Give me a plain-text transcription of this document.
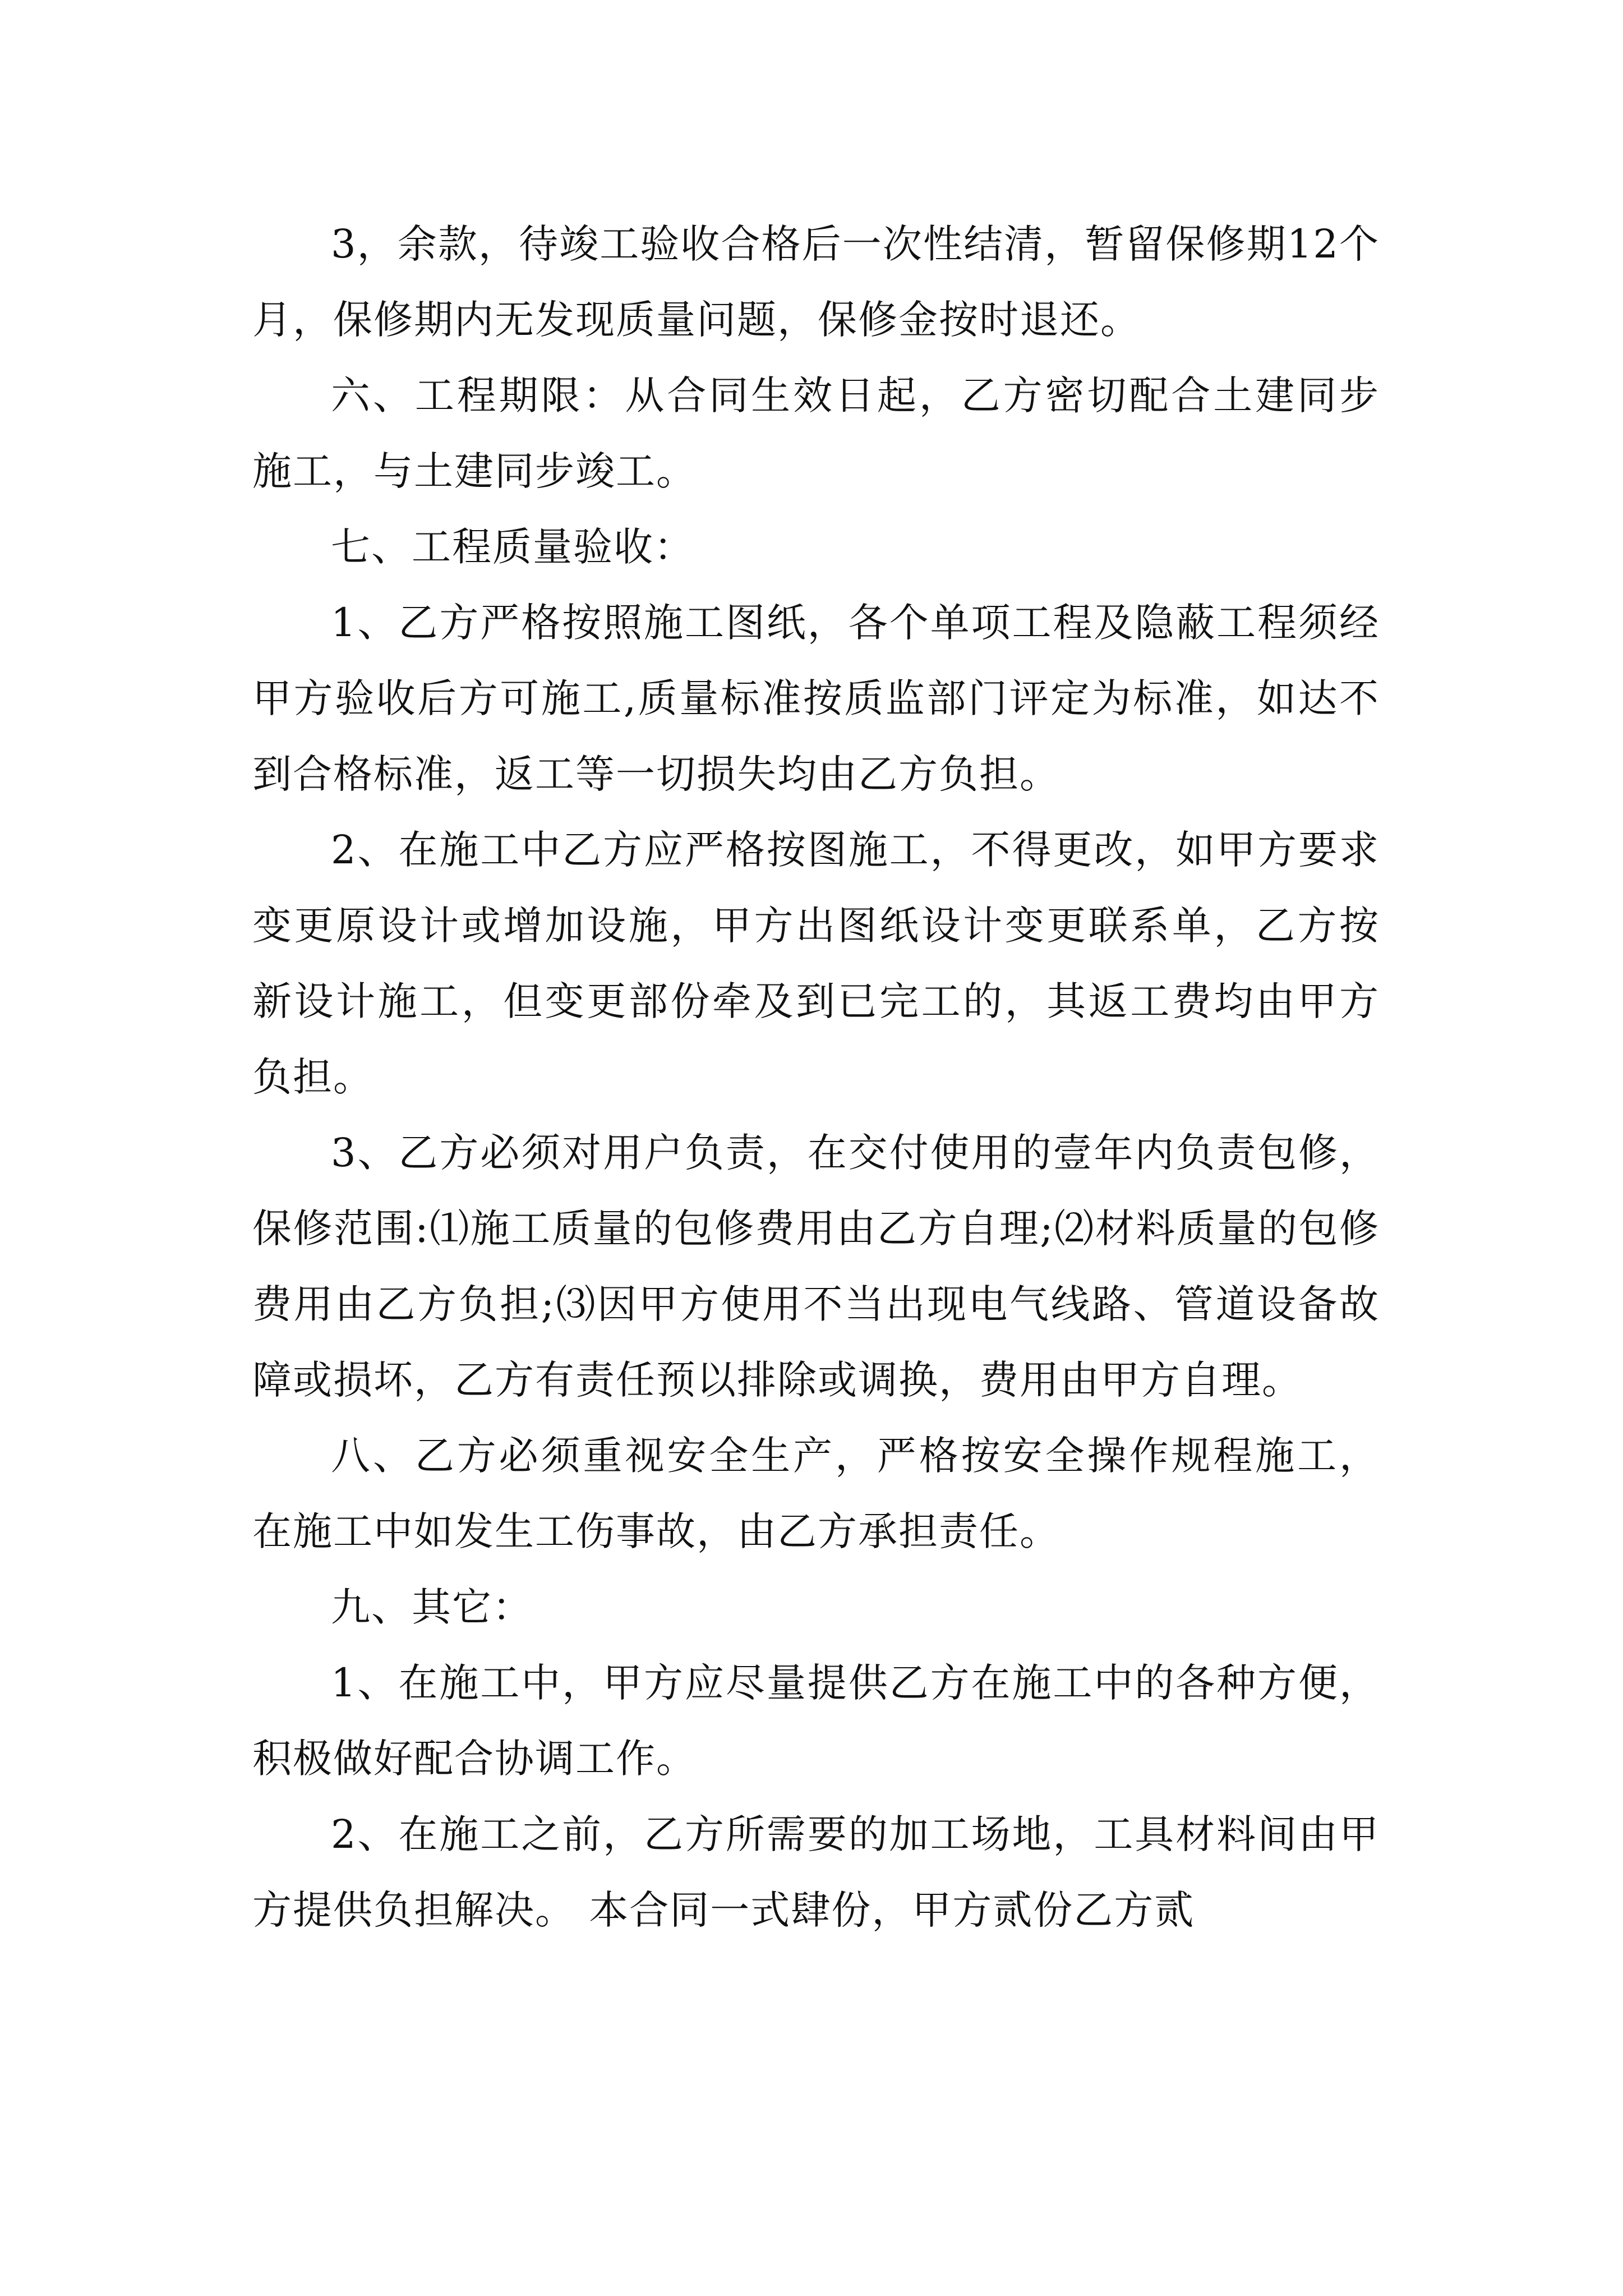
3，余款，待竣工验收合格后一次性结清，暂留保修期12个月，保修期内无发现质量问题，保修金按时退还。

六、工程期限：从合同生效日起，乙方密切配合土建同步施工，与土建同步竣工。

七、工程质量验收：

1、乙方严格按照施工图纸，各个单项工程及隐蔽工程须经甲方验收后方可施工,质量标准按质监部门评定为标准，如达不到合格标准，返工等一切损失均由乙方负担。

2、在施工中乙方应严格按图施工，不得更改，如甲方要求变更原设计或增加设施，甲方出图纸设计变更联系单，乙方按新设计施工，但变更部份牵及到已完工的，其返工费均由甲方负担。

3、乙方必须对用户负责，在交付使用的壹年内负责包修，保修范围:⑴施工质量的包修费用由乙方自理;⑵材料质量的包修费用由乙方负担;⑶因甲方使用不当出现电气线路、管道设备故障或损坏，乙方有责任预以排除或调换，费用由甲方自理。

八、乙方必须重视安全生产，严格按安全操作规程施工，在施工中如发生工伤事故，由乙方承担责任。

九、其它：

1、在施工中，甲方应尽量提供乙方在施工中的各种方便，积极做好配合协调工作。

2、在施工之前，乙方所需要的加工场地，工具材料间由甲方提供负担解决。 本合同一式肆份，甲方贰份乙方贰
